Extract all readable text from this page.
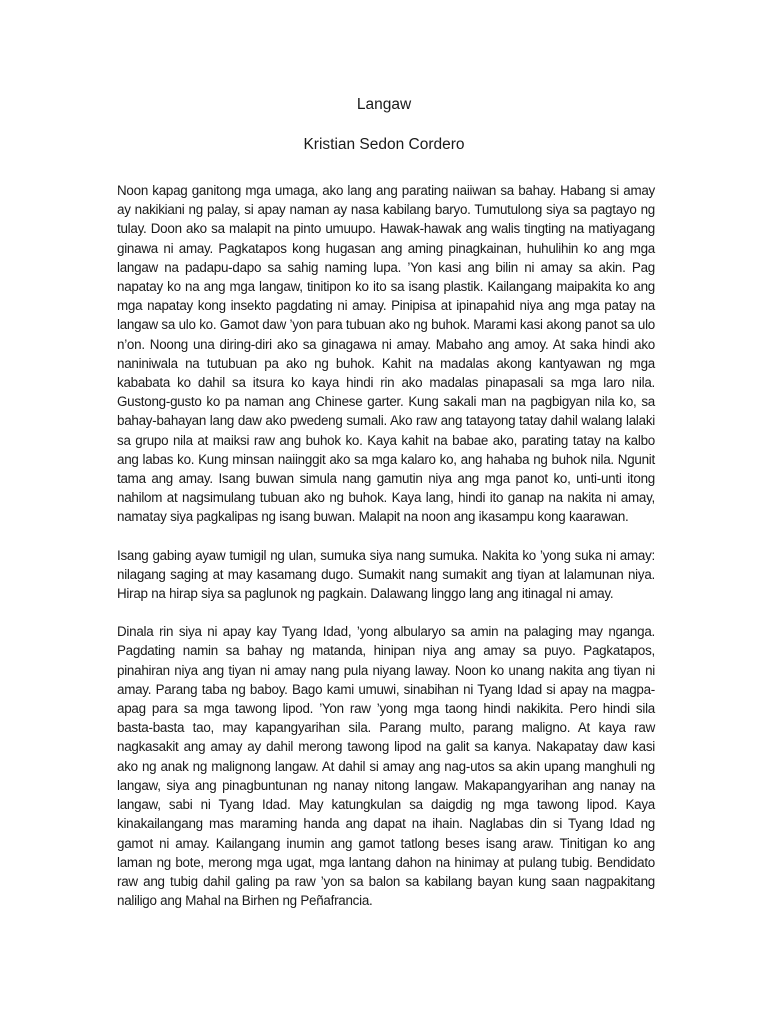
Langaw
Kristian Sedon Cordero

Noon kapag ganitong mga umaga, ako lang ang parating naiiwan sa bahay. Habang si amay ay nakikiani ng palay, si apay naman ay nasa kabilang baryo. Tumutulong siya sa pagtayo ng tulay. Doon ako sa malapit na pinto umuupo. Hawak-hawak ang walis tingting na matiyagang ginawa ni amay. Pagkatapos kong hugasan ang aming pinagkainan, huhulihin ko ang mga langaw na padapu-dapo sa sahig naming lupa. ’Yon kasi ang bilin ni amay sa akin. Pag napatay ko na ang mga langaw, tinitipon ko ito sa isang plastik. Kailangang maipakita ko ang mga napatay kong insekto pagdating ni amay. Pinipisa at ipinapahid niya ang mga patay na langaw sa ulo ko. Gamot daw ’yon para tubuan ako ng buhok. Marami kasi akong panot sa ulo n’on. Noong una diring-diri ako sa ginagawa ni amay. Mabaho ang amoy. At saka hindi ako naniniwala na tutubuan pa ako ng buhok. Kahit na madalas akong kantyawan ng mga kababata ko dahil sa itsura ko kaya hindi rin ako madalas pinapasali sa mga laro nila. Gustong-gusto ko pa naman ang Chinese garter. Kung sakali man na pagbigyan nila ko, sa bahay-bahayan lang daw ako pwedeng sumali. Ako raw ang tatayong tatay dahil walang lalaki sa grupo nila at maiksi raw ang buhok ko. Kaya kahit na babae ako, parating tatay na kalbo ang labas ko. Kung minsan naiinggit ako sa mga kalaro ko, ang hahaba ng buhok nila. Ngunit tama ang amay. Isang buwan simula nang gamutin niya ang mga panot ko, unti-unti itong nahilom at nagsimulang tubuan ako ng buhok. Kaya lang, hindi ito ganap na nakita ni amay, namatay siya pagkalipas ng isang buwan. Malapit na noon ang ikasampu kong kaarawan.

Isang gabing ayaw tumigil ng ulan, sumuka siya nang sumuka. Nakita ko ’yong suka ni amay: nilagang saging at may kasamang dugo. Sumakit nang sumakit ang tiyan at lalamunan niya. Hirap na hirap siya sa paglunok ng pagkain. Dalawang linggo lang ang itinagal ni amay.

Dinala rin siya ni apay kay Tyang Idad, ’yong albularyo sa amin na palaging may nganga. Pagdating namin sa bahay ng matanda, hinipan niya ang amay sa puyo. Pagkatapos, pinahiran niya ang tiyan ni amay nang pula niyang laway. Noon ko unang nakita ang tiyan ni amay. Parang taba ng baboy. Bago kami umuwi, sinabihan ni Tyang Idad si apay na magpa-apag para sa mga tawong lipod. ’Yon raw ’yong mga taong hindi nakikita. Pero hindi sila basta-basta tao, may kapangyarihan sila. Parang multo, parang maligno. At kaya raw nagkasakit ang amay ay dahil merong tawong lipod na galit sa kanya. Nakapatay daw kasi ako ng anak ng malignong langaw. At dahil si amay ang nag-utos sa akin upang manghuli ng langaw, siya ang pinagbuntunan ng nanay nitong langaw. Makapangyarihan ang nanay na langaw, sabi ni Tyang Idad. May katungkulan sa daigdig ng mga tawong lipod. Kaya kinakailangang mas maraming handa ang dapat na ihain. Naglabas din si Tyang Idad ng gamot ni amay. Kailangang inumin ang gamot tatlong beses isang araw. Tinitigan ko ang laman ng bote, merong mga ugat, mga lantang dahon na hinimay at pulang tubig. Bendidato raw ang tubig dahil galing pa raw ’yon sa balon sa kabilang bayan kung saan nagpakitang naliligo ang Mahal na Birhen ng Peñafrancia.
